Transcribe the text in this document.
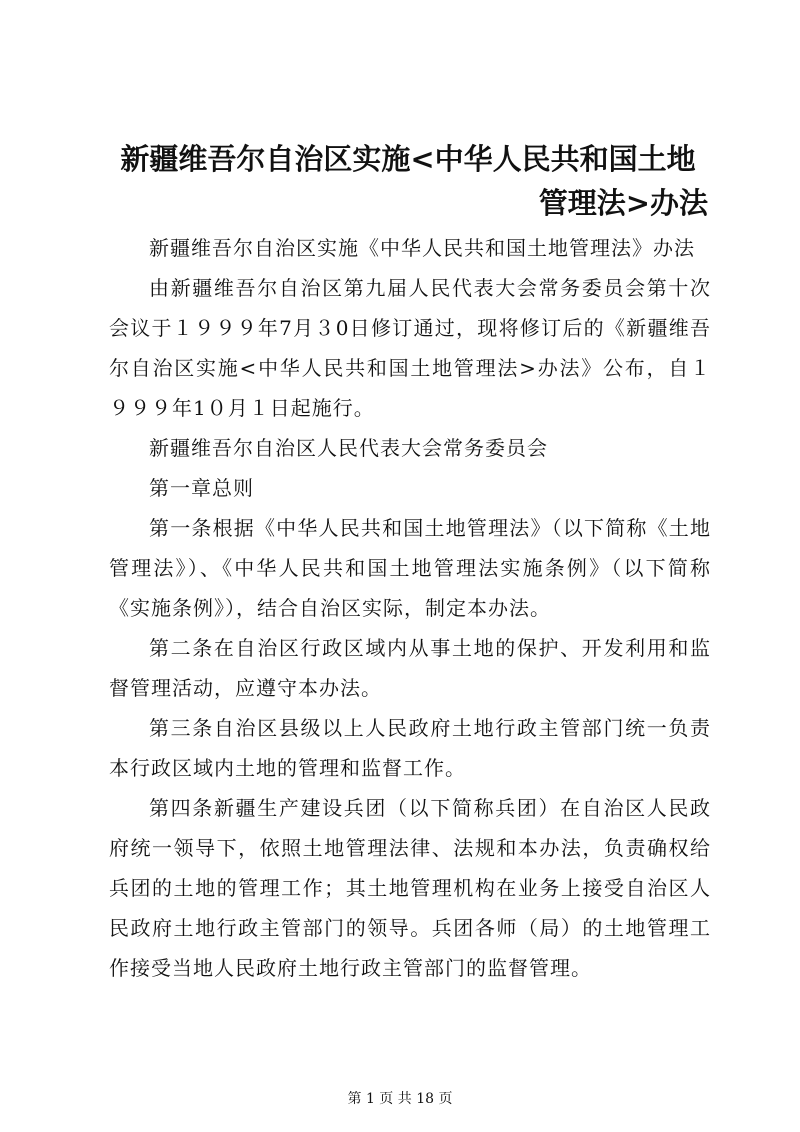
新疆维吾尔自治区实施<中华人民共和国土地管理法>办法

新疆维吾尔自治区实施《中华人民共和国土地管理法》办法

由新疆维吾尔自治区第九届人民代表大会常务委员会第十次会议于１９９９年7月３0日修订通过，现将修订后的《新疆维吾尔自治区实施<中华人民共和国土地管理法>办法》公布，自１９９９年1０月１日起施行。

新疆维吾尔自治区人民代表大会常务委员会

第一章总则

第一条根据《中华人民共和国土地管理法》（以下简称《土地管理法》）、《中华人民共和国土地管理法实施条例》（以下简称《实施条例》），结合自治区实际，制定本办法。

第二条在自治区行政区域内从事土地的保护、开发利用和监督管理活动，应遵守本办法。

第三条自治区县级以上人民政府土地行政主管部门统一负责本行政区域内土地的管理和监督工作。

第四条新疆生产建设兵团（以下简称兵团）在自治区人民政府统一领导下，依照土地管理法律、法规和本办法，负责确权给兵团的土地的管理工作；其土地管理机构在业务上接受自治区人民政府土地行政主管部门的领导。兵团各师（局）的土地管理工作接受当地人民政府土地行政主管部门的监督管理。

第 1 页 共 18 页
